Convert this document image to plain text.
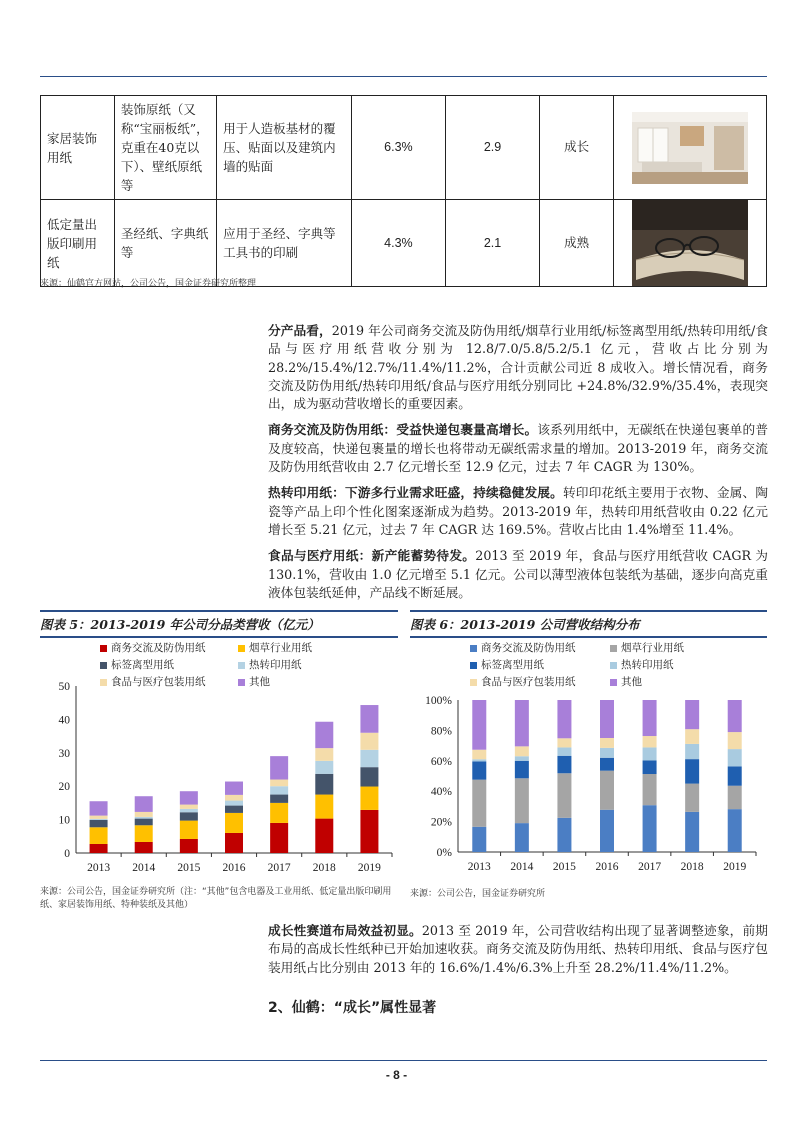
家居装饰用纸	装饰原纸（又称“宝丽板纸”，克重在40克以下）、壁纸原纸等	用于人造板基材的覆压、贴面以及建筑内墙的贴面	6.3%	2.9	成长	

低定量出版印刷用纸	圣经纸、字典纸等	应用于圣经、字典等工具书的印刷	4.3%	2.1	成熟	
来源：仙鹤官方网站，公司公告，国金证券研究所整理

分产品看，2019 年公司商务交流及防伪用纸/烟草行业用纸/标签离型用纸/热转印用纸/食品与医疗用纸营收分别为 12.8/7.0/5.8/5.2/5.1 亿元，营收占比分别为 28.2%/15.4%/12.7%/11.4%/11.2%，合计贡献公司近 8 成收入。增长情况看，商务交流及防伪用纸/热转印用纸/食品与医疗用纸分别同比 +24.8%/32.9%/35.4%，表现突出，成为驱动营收增长的重要因素。

商务交流及防伪用纸：受益快递包裹量高增长。该系列用纸中，无碳纸在快递包裹单的普及度较高，快递包裹量的增长也将带动无碳纸需求量的增加。2013-2019 年，商务交流及防伪用纸营收由 2.7 亿元增长至 12.9 亿元，过去 7 年 CAGR 为 130%。

热转印用纸：下游多行业需求旺盛，持续稳健发展。转印印花纸主要用于衣物、金属、陶瓷等产品上印个性化图案逐渐成为趋势。2013-2019 年，热转印用纸营收由 0.22 亿元增长至 5.21 亿元，过去 7 年 CAGR 达 169.5%。营收占比由 1.4%增至 11.4%。

食品与医疗用纸：新产能蓄势待发。2013 至 2019 年，食品与医疗用纸营收 CAGR 为 130.1%，营收由 1.0 亿元增至 5.1 亿元。公司以薄型液体包装纸为基础，逐步向高克重液体包装纸延伸，产品线不断延展。

图表 5：2013-2019 年公司分品类营收（亿元）	图表 6：2013-2019 公司营收结构分布
商务交流及防伪用纸	烟草行业用纸
标签离型用纸	热转印用纸
食品与医疗包装用纸	其他
商务交流及防伪用纸	烟草行业用纸
标签离型用纸	热转印用纸
食品与医疗包装用纸	其他
0
10
20
30
40
50
2013 2014 2015 2016 2017 2018 2019
0%
20%
40%
60%
80%
100%
2013 2014 2015 2016 2017 2018 2019
来源：公司公告，国金证券研究所（注：“其他”包含电器及工业用纸、低定量出版印刷用纸、家居装饰用纸、特种装纸及其他）
来源：公司公告，国金证券研究所

成长性赛道布局效益初显。2013 至 2019 年，公司营收结构出现了显著调整迹象，前期布局的高成长性纸种已开始加速收获。商务交流及防伪用纸、热转印用纸、食品与医疗包装用纸占比分别由 2013 年的 16.6%/1.4%/6.3%上升至 28.2%/11.4%/11.2%。

2、仙鹤：“成长”属性显著
- 8 -
